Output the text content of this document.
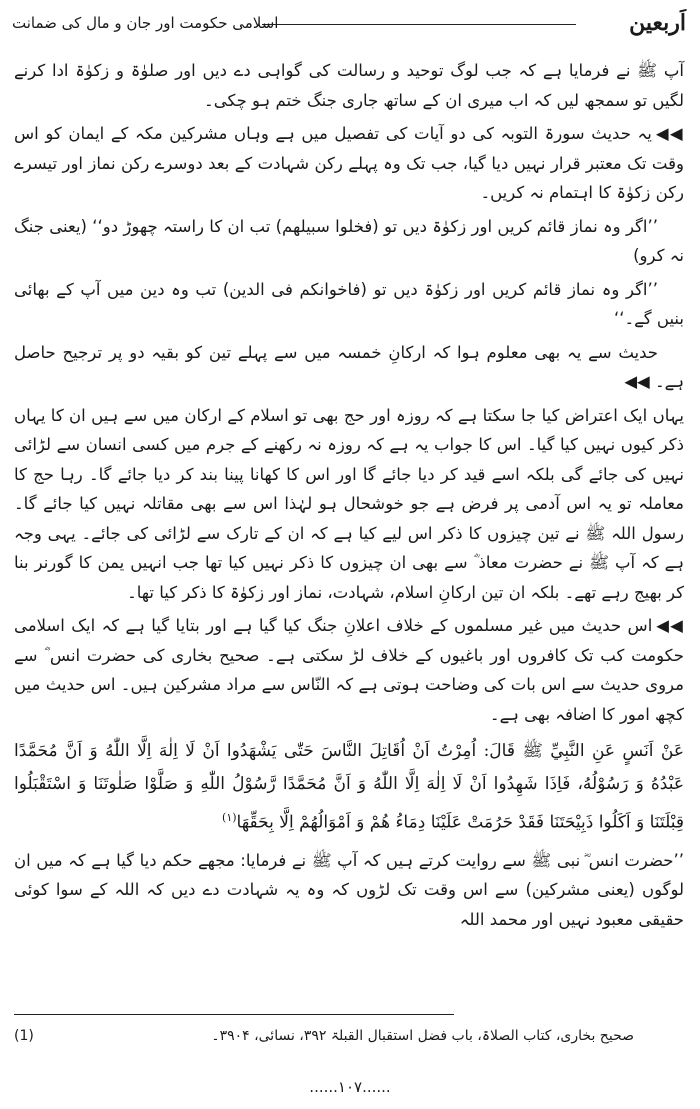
اَربعین
اسلامی حکومت اور جان و مال کی ضمانت

آپ ﷺ نے فرمایا ہے کہ جب لوگ توحید و رسالت کی گواہی دے دیں اور صلوٰۃ و زکوٰۃ ادا کرنے لگیں تو سمجھ لیں کہ اب میری ان کے ساتھ جاری جنگ ختم ہو چکی۔

◀◀یہ حدیث سورۃ التوبہ کی دو آیات کی تفصیل میں ہے وہاں مشرکین مکہ کے ایمان کو اس وقت تک معتبر قرار نہیں دیا گیا، جب تک وہ پہلے رکن شہادت کے بعد دوسرے رکن نماز اور تیسرے رکن زکوٰۃ کا اہتمام نہ کریں۔

’’اگر وہ نماز قائم کریں اور زکوٰۃ دیں تو (فخلوا سبیلھم) تب ان کا راستہ چھوڑ دو‘‘ (یعنی جنگ نہ کرو)

’’اگر وہ نماز قائم کریں اور زکوٰۃ دیں تو (فاخوانکم فی الدین) تب وہ دین میں آپ کے بھائی بنیں گے۔‘‘

حدیث سے یہ بھی معلوم ہوا کہ ارکانِ خمسہ میں سے پہلے تین کو بقیہ دو پر ترجیح حاصل ہے۔ ◀◀

یہاں ایک اعتراض کیا جا سکتا ہے کہ روزہ اور حج بھی تو اسلام کے ارکان میں سے ہیں ان کا یہاں ذکر کیوں نہیں کیا گیا۔ اس کا جواب یہ ہے کہ روزہ نہ رکھنے کے جرم میں کسی انسان سے لڑائی نہیں کی جائے گی بلکہ اسے قید کر دیا جائے گا اور اس کا کھانا پینا بند کر دیا جائے گا۔ رہا حج کا معاملہ تو یہ اس آدمی پر فرض ہے جو خوشحال ہو لہٰذا اس سے بھی مقاتلہ نہیں کیا جائے گا۔ رسول اللہ ﷺ نے تین چیزوں کا ذکر اس لیے کیا ہے کہ ان کے تارک سے لڑائی کی جائے۔ یہی وجہ ہے کہ آپ ﷺ نے حضرت معاذ ؓ سے بھی ان چیزوں کا ذکر نہیں کیا تھا جب انہیں یمن کا گورنر بنا کر بھیج رہے تھے۔ بلکہ ان تین ارکانِ اسلام، شہادت، نماز اور زکوٰۃ کا ذکر کیا تھا۔

◀◀اس حدیث میں غیر مسلموں کے خلاف اعلانِ جنگ کیا گیا ہے اور بتایا گیا ہے کہ ایک اسلامی حکومت کب تک کافروں اور باغیوں کے خلاف لڑ سکتی ہے۔ صحیح بخاری کی حضرت انس ؓ سے مروی حدیث سے اس بات کی وضاحت ہوتی ہے کہ النّاس سے مراد مشرکین ہیں۔ اس حدیث میں کچھ امور کا اضافہ بھی ہے۔

عَنْ اَنَسٍ عَنِ النَّبِيِّ ﷺ قَالَ: اُمِرْتُ اَنْ اُقَاتِلَ النَّاسَ حَتّٰى يَشْهَدُوا اَنْ لَا اِلٰهَ اِلَّا اللّٰهُ وَ اَنَّ مُحَمَّدًا عَبْدُهُ وَ رَسُوْلُهُ، فَاِذَا شَهِدُوا اَنْ لَا اِلٰهَ اِلَّا اللّٰهُ وَ اَنَّ مُحَمَّدًا رَّسُوْلُ اللّٰهِ وَ صَلَّوْا صَلٰوتَنَا وَ اسْتَقْبَلُوا قِبْلَتَنَا وَ اَكَلُوا ذَبِيْحَتَنَا فَقَدْ حَرُمَتْ عَلَيْنَا دِمَاءُ هُمْ وَ اَمْوَالُهُمْ اِلَّا بِحَقِّهَا$^{(۱)}$

’’حضرت انس ؓ نبی ﷺ سے روایت کرتے ہیں کہ آپ ﷺ نے فرمایا: مجھے حکم دیا گیا ہے کہ میں ان لوگوں (یعنی مشرکین) سے اس وقت تک لڑوں کہ وہ یہ شہادت دے دیں کہ اللہ کے سوا کوئی حقیقی معبود نہیں اور محمد اللہ

(1)	صحیح بخاری، کتاب الصلاۃ، باب فضل استقبال القبلۃ ۳۹۲، نسائی، ۳۹۰۴۔
......۱۰۷......
